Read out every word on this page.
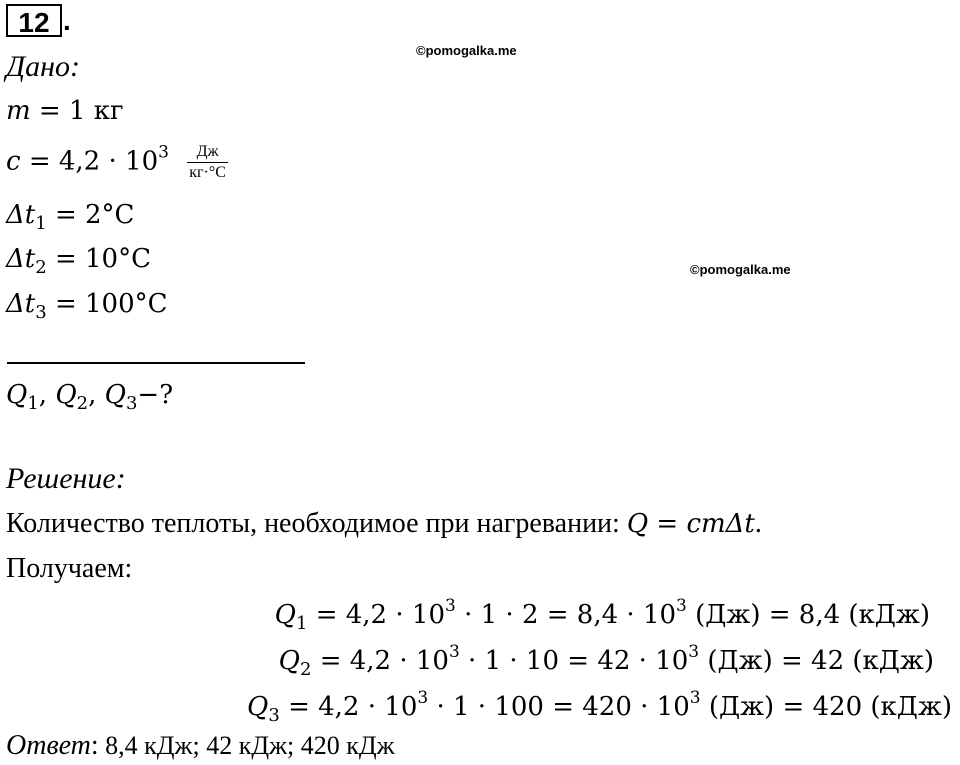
12 .
©pomogalka.me
©pomogalka.me
Дано:
m = 1 кг
$c = 4,2 \cdot 10^3 \frac{Дж}{кг\cdot^\circ C}$
$\Delta t_1 = 2^\circ C$
$\Delta t_2 = 10^\circ C$
$\Delta t_3 = 100^\circ C$
$Q_1$, $Q_2$, $Q_3-$?
Решение:
Количество теплоты, необходимое при нагревании: Q = cmΔt.
Получаем:
$Q_1 = 4,2 \cdot 10^3 \cdot 1 \cdot 2 = 8,4 \cdot 10^3$ (Дж) = 8,4 (кДж)
$Q_2 = 4,2 \cdot 10^3 \cdot 1 \cdot 10 = 42 \cdot 10^3$ (Дж) = 42 (кДж)
$Q_3 = 4,2 \cdot 10^3 \cdot 1 \cdot 100 = 420 \cdot 10^3$ (Дж) = 420 (кДж)
Ответ: 8,4 кДж; 42 кДж; 420 кДж
